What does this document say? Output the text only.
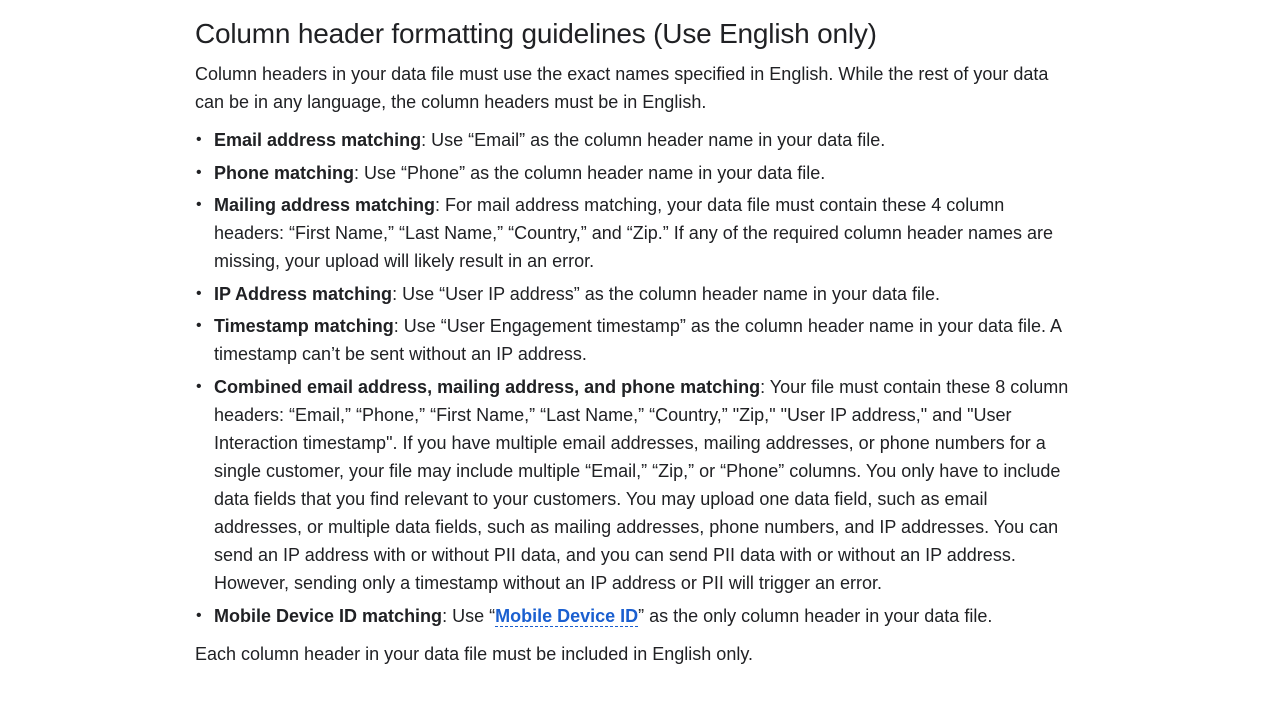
Column header formatting guidelines (Use English only)

Column headers in your data file must use the exact names specified in English. While the rest of your data can be in any language, the column headers must be in English.

• Email address matching: Use “Email” as the column header name in your data file.
• Phone matching: Use “Phone” as the column header name in your data file.
• Mailing address matching: For mail address matching, your data file must contain these 4 column headers: “First Name,” “Last Name,” “Country,” and “Zip.” If any of the required column header names are missing, your upload will likely result in an error.
• IP Address matching: Use “User IP address” as the column header name in your data file.
• Timestamp matching: Use “User Engagement timestamp” as the column header name in your data file. A timestamp can’t be sent without an IP address.
• Combined email address, mailing address, and phone matching: Your file must contain these 8 column headers: “Email,” “Phone,” “First Name,” “Last Name,” “Country,” "Zip," "User IP address," and "User Interaction timestamp". If you have multiple email addresses, mailing addresses, or phone numbers for a single customer, your file may include multiple “Email,” “Zip,” or “Phone” columns. You only have to include data fields that you find relevant to your customers. You may upload one data field, such as email addresses, or multiple data fields, such as mailing addresses, phone numbers, and IP addresses. You can send an IP address with or without PII data, and you can send PII data with or without an IP address. However, sending only a timestamp without an IP address or PII will trigger an error.
• Mobile Device ID matching: Use “Mobile Device ID” as the only column header in your data file.

Each column header in your data file must be included in English only.
